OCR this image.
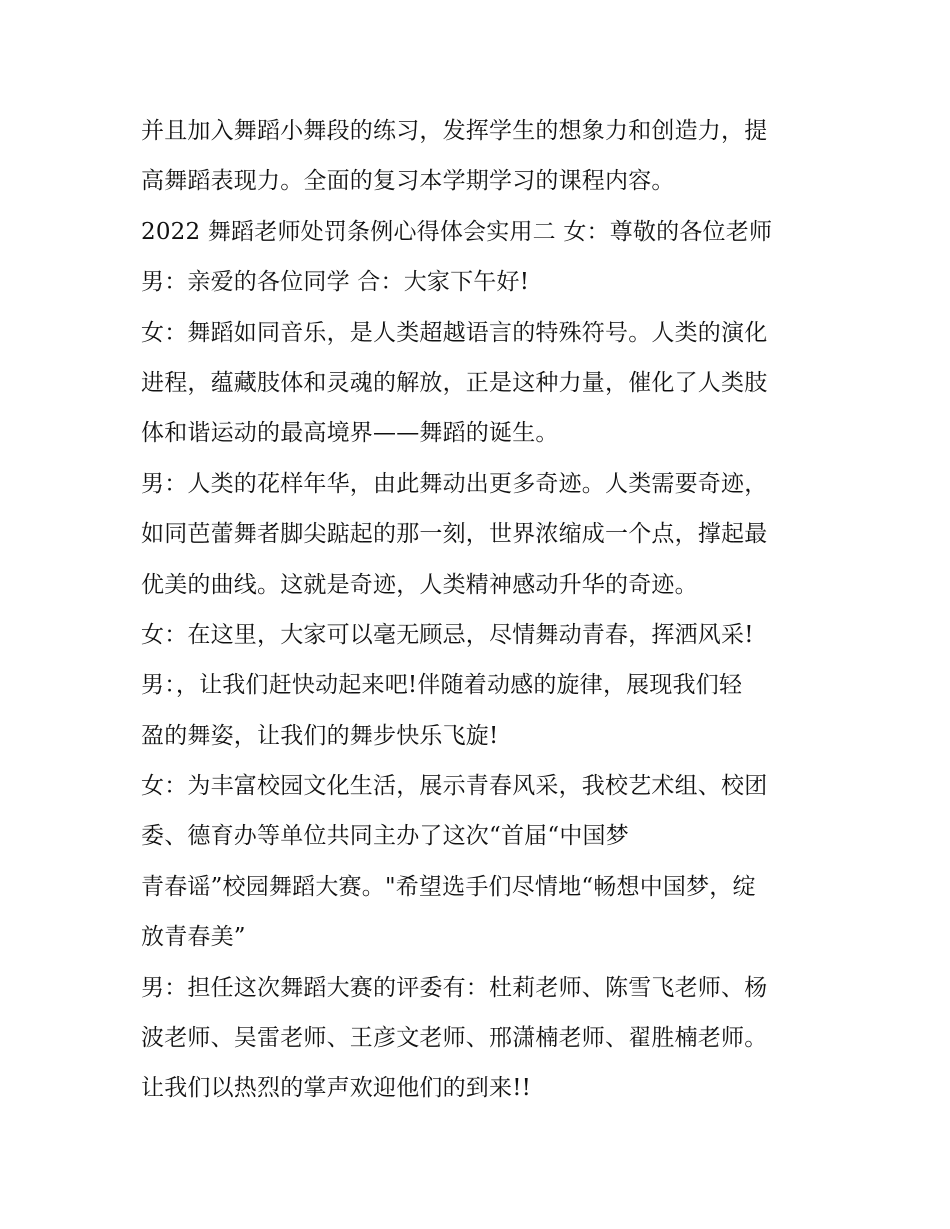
并且加入舞蹈小舞段的练习，发挥学生的想象力和创造力，提
高舞蹈表现力。全面的复习本学期学习的课程内容。
2022 舞蹈老师处罚条例心得体会实用二 女：尊敬的各位老师
男：亲爱的各位同学 合：大家下午好!
女：舞蹈如同音乐，是人类超越语言的特殊符号。人类的演化
进程，蕴藏肢体和灵魂的解放，正是这种力量，催化了人类肢
体和谐运动的最高境界——舞蹈的诞生。
男：人类的花样年华，由此舞动出更多奇迹。人类需要奇迹，
如同芭蕾舞者脚尖踮起的那一刻，世界浓缩成一个点，撑起最
优美的曲线。这就是奇迹，人类精神感动升华的奇迹。
女：在这里，大家可以毫无顾忌，尽情舞动青春，挥洒风采!
男：，让我们赶快动起来吧!伴随着动感的旋律，展现我们轻
盈的舞姿，让我们的舞步快乐飞旋!
女：为丰富校园文化生活，展示青春风采，我校艺术组、校团
委、德育办等单位共同主办了这次“首届“中国梦
青春谣”校园舞蹈大赛。"希望选手们尽情地“畅想中国梦，绽
放青春美”
男：担任这次舞蹈大赛的评委有：杜莉老师、陈雪飞老师、杨
波老师、吴雷老师、王彦文老师、邢潇楠老师、翟胜楠老师。
让我们以热烈的掌声欢迎他们的到来!!
